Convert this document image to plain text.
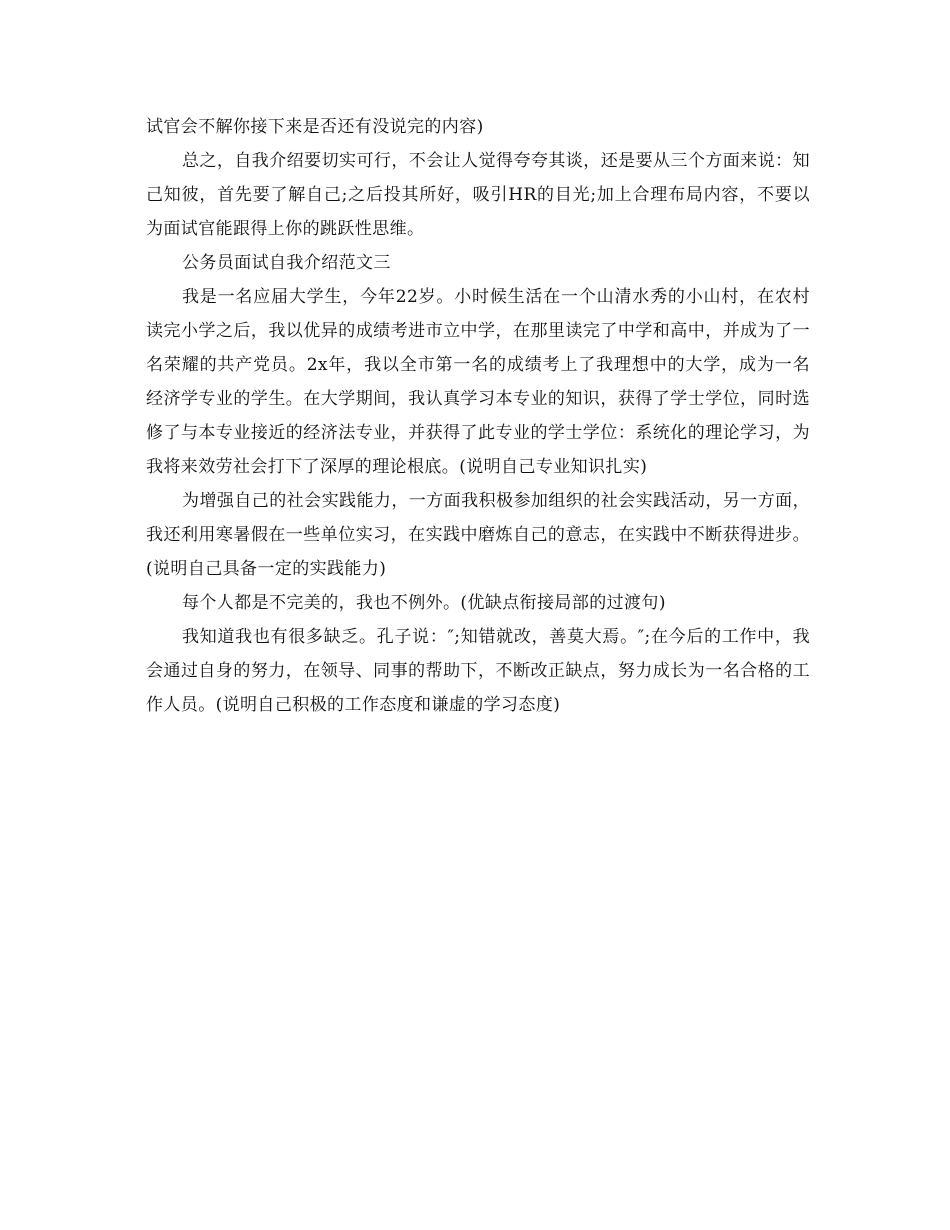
试官会不解你接下来是否还有没说完的内容)

总之，自我介绍要切实可行，不会让人觉得夸夸其谈，还是要从三个方面来说：知己知彼，首先要了解自己;之后投其所好，吸引HR的目光;加上合理布局内容，不要以为面试官能跟得上你的跳跃性思维。

公务员面试自我介绍范文三

我是一名应届大学生，今年22岁。小时候生活在一个山清水秀的小山村，在农村读完小学之后，我以优异的成绩考进市立中学，在那里读完了中学和高中，并成为了一名荣耀的共产党员。2x年，我以全市第一名的成绩考上了我理想中的大学，成为一名经济学专业的学生。在大学期间，我认真学习本专业的知识，获得了学士学位，同时选修了与本专业接近的经济法专业，并获得了此专业的学士学位：系统化的理论学习，为我将来效劳社会打下了深厚的理论根底。(说明自己专业知识扎实)

为增强自己的社会实践能力，一方面我积极参加组织的社会实践活动，另一方面，我还利用寒暑假在一些单位实习，在实践中磨炼自己的意志，在实践中不断获得进步。(说明自己具备一定的实践能力)

每个人都是不完美的，我也不例外。(优缺点衔接局部的过渡句)

我知道我也有很多缺乏。孔子说：″;知错就改，善莫大焉。″;在今后的工作中，我会通过自身的努力，在领导、同事的帮助下，不断改正缺点，努力成长为一名合格的工作人员。(说明自己积极的工作态度和谦虚的学习态度)
